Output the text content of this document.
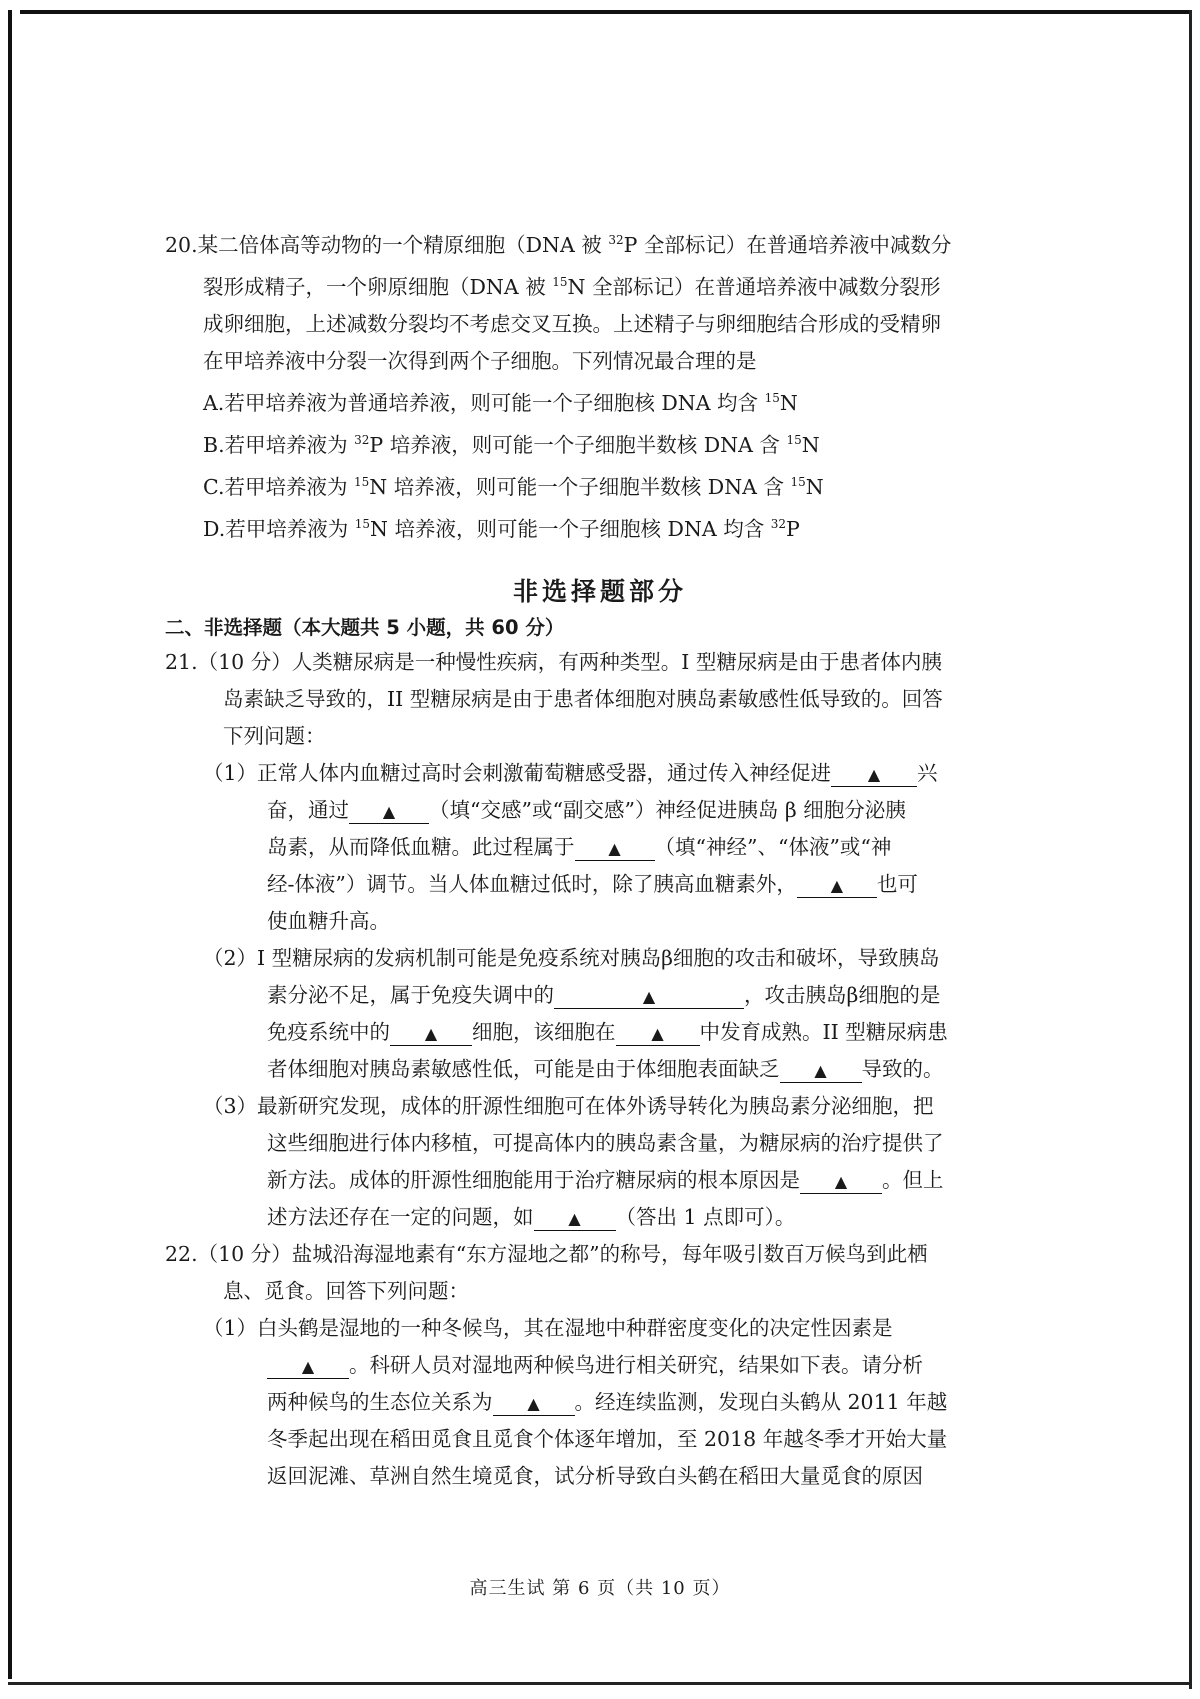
20.某二倍体高等动物的一个精原细胞（DNA 被 $^{32}$P 全部标记）在普通培养液中减数分
裂形成精子，一个卵原细胞（DNA 被 $^{15}$N 全部标记）在普通培养液中减数分裂形
成卵细胞，上述减数分裂均不考虑交叉互换。上述精子与卵细胞结合形成的受精卵
在甲培养液中分裂一次得到两个子细胞。下列情况最合理的是
A.若甲培养液为普通培养液，则可能一个子细胞核 DNA 均含 $^{15}$N
B.若甲培养液为 $^{32}$P 培养液，则可能一个子细胞半数核 DNA 含 $^{15}$N
C.若甲培养液为 $^{15}$N 培养液，则可能一个子细胞半数核 DNA 含 $^{15}$N
D.若甲培养液为 $^{15}$N 培养液，则可能一个子细胞核 DNA 均含 $^{32}$P
非选择题部分
二、非选择题（本大题共 5 小题，共 60 分）
21.（10 分）人类糖尿病是一种慢性疾病，有两种类型。I 型糖尿病是由于患者体内胰
岛素缺乏导致的，II 型糖尿病是由于患者体细胞对胰岛素敏感性低导致的。回答
下列问题：
（1）正常人体内血糖过高时会刺激葡萄糖感受器，通过传入神经促进 ▲ 兴
奋，通过 ▲ （填“交感”或“副交感”）神经促进胰岛 β 细胞分泌胰
岛素，从而降低血糖。此过程属于 ▲ （填“神经”、“体液”或“神
经-体液”）调节。当人体血糖过低时，除了胰高血糖素外， ▲ 也可
使血糖升高。
（2）I 型糖尿病的发病机制可能是免疫系统对胰岛β细胞的攻击和破坏，导致胰岛
素分泌不足，属于免疫失调中的	▲	，攻击胰岛β细胞的是
免疫系统中的 ▲ 细胞，该细胞在 ▲ 中发育成熟。II 型糖尿病患
者体细胞对胰岛素敏感性低，可能是由于体细胞表面缺乏 ▲ 导致的。
（3）最新研究发现，成体的肝源性细胞可在体外诱导转化为胰岛素分泌细胞，把
这些细胞进行体内移植，可提高体内的胰岛素含量，为糖尿病的治疗提供了
新方法。成体的肝源性细胞能用于治疗糖尿病的根本原因是 ▲ 。但上
述方法还存在一定的问题，如 ▲ （答出 1 点即可）。
22.（10 分）盐城沿海湿地素有“东方湿地之都”的称号，每年吸引数百万候鸟到此栖
息、觅食。回答下列问题：
（1）白头鹤是湿地的一种冬候鸟，其在湿地中种群密度变化的决定性因素是
▲ 。科研人员对湿地两种候鸟进行相关研究，结果如下表。请分析
两种候鸟的生态位关系为 ▲ 。经连续监测，发现白头鹤从 2011 年越
冬季起出现在稻田觅食且觅食个体逐年增加，至 2018 年越冬季才开始大量
返回泥滩、草洲自然生境觅食，试分析导致白头鹤在稻田大量觅食的原因
高三生试 第 6 页（共 10 页）
